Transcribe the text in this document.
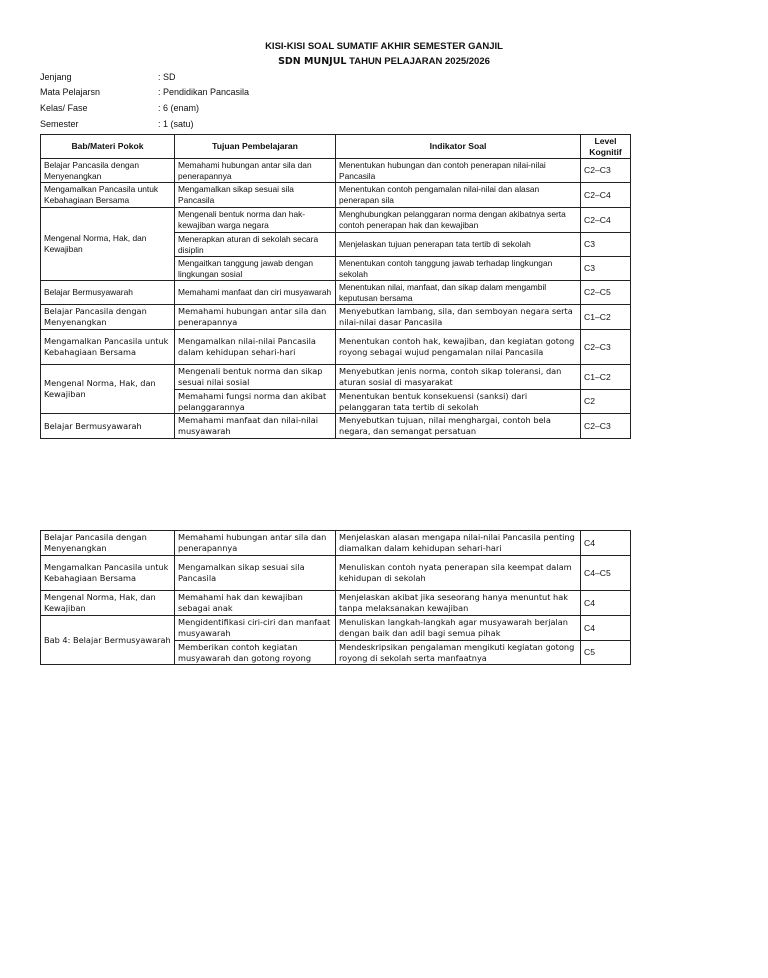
KISI-KISI SOAL SUMATIF AKHIR SEMESTER GANJIL
SDN MUNJUL TAHUN PELAJARAN 2025/2026
Jenjang	: SD
Mata Pelajarsn	: Pendidikan Pancasila
Kelas/ Fase	: 6 (enam)
Semester	: 1 (satu)
Bab/Materi Pokok	Tujuan Pembelajaran	Indikator Soal	Level Kognitif
Belajar Pancasila dengan Menyenangkan	Memahami hubungan antar sila dan penerapannya	Menentukan hubungan dan contoh penerapan nilai-nilai Pancasila	C2–C3
Mengamalkan Pancasila untuk Kebahagiaan Bersama	Mengamalkan sikap sesuai sila Pancasila	Menentukan contoh pengamalan nilai-nilai dan alasan penerapan sila	C2–C4
Mengenal Norma, Hak, dan Kewajiban	Mengenali bentuk norma dan hak-kewajiban warga negara	Menghubungkan pelanggaran norma dengan akibatnya serta contoh penerapan hak dan kewajiban	C2–C4
	Menerapkan aturan di sekolah secara disiplin	Menjelaskan tujuan penerapan tata tertib di sekolah	C3
	Mengaitkan tanggung jawab dengan lingkungan sosial	Menentukan contoh tanggung jawab terhadap lingkungan sekolah	C3
Belajar Bermusyawarah	Memahami manfaat dan ciri musyawarah	Menentukan nilai, manfaat, dan sikap dalam mengambil keputusan bersama	C2–C5
Belajar Pancasila dengan Menyenangkan	Memahami hubungan antar sila dan penerapannya	Menyebutkan lambang, sila, dan semboyan negara serta nilai-nilai dasar Pancasila	C1–C2
Mengamalkan Pancasila untuk Kebahagiaan Bersama	Mengamalkan nilai-nilai Pancasila dalam kehidupan sehari-hari	Menentukan contoh hak, kewajiban, dan kegiatan gotong royong sebagai wujud pengamalan nilai Pancasila	C2–C3
Mengenal Norma, Hak, dan Kewajiban	Mengenali bentuk norma dan sikap sesuai nilai sosial	Menyebutkan jenis norma, contoh sikap toleransi, dan aturan sosial di masyarakat	C1–C2
	Memahami fungsi norma dan akibat pelanggarannya	Menentukan bentuk konsekuensi (sanksi) dari pelanggaran tata tertib di sekolah	C2
Belajar Bermusyawarah	Memahami manfaat dan nilai-nilai musyawarah	Menyebutkan tujuan, nilai menghargai, contoh bela negara, dan semangat persatuan	C2–C3
Belajar Pancasila dengan Menyenangkan	Memahami hubungan antar sila dan penerapannya	Menjelaskan alasan mengapa nilai-nilai Pancasila penting diamalkan dalam kehidupan sehari-hari	C4
Mengamalkan Pancasila untuk Kebahagiaan Bersama	Mengamalkan sikap sesuai sila Pancasila	Menuliskan contoh nyata penerapan sila keempat dalam kehidupan di sekolah	C4–C5
Mengenal Norma, Hak, dan Kewajiban	Memahami hak dan kewajiban sebagai anak	Menjelaskan akibat jika seseorang hanya menuntut hak tanpa melaksanakan kewajiban	C4
Bab 4: Belajar Bermusyawarah	Mengidentifikasi ciri-ciri dan manfaat musyawarah	Menuliskan langkah-langkah agar musyawarah berjalan dengan baik dan adil bagi semua pihak	C4
	Memberikan contoh kegiatan musyawarah dan gotong royong	Mendeskripsikan pengalaman mengikuti kegiatan gotong royong di sekolah serta manfaatnya	C5
